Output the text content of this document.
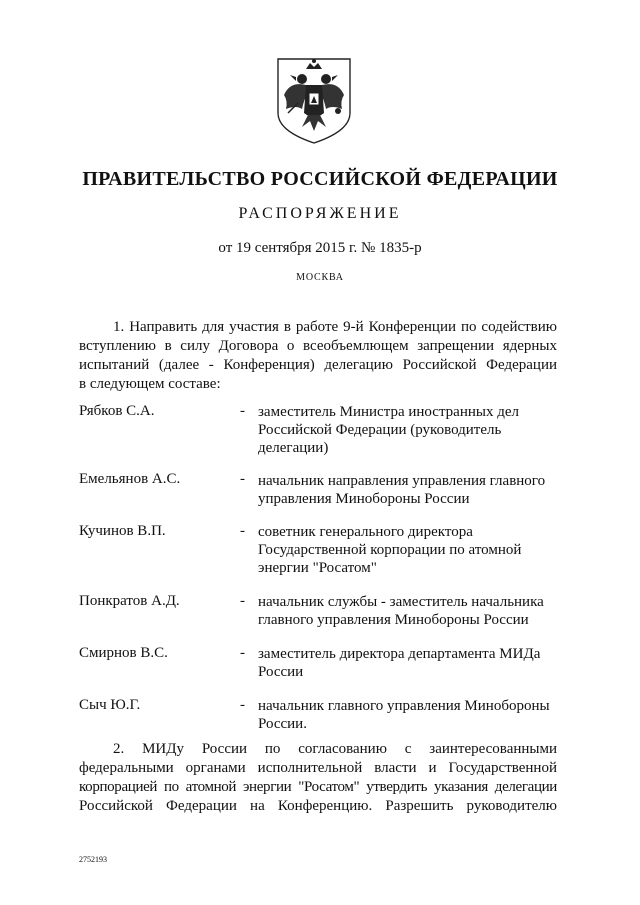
ПРАВИТЕЛЬСТВО РОССИЙСКОЙ ФЕДЕРАЦИИ
РАСПОРЯЖЕНИЕ
от 19 сентября 2015 г. № 1835-р
МОСКВА
1. Направить для участия в работе 9-й Конференции по содействию
вступлению в силу Договора о всеобъемлющем запрещении ядерных
испытаний (далее - Конференция) делегацию Российской Федерации
в следующем составе:
Рябков С.А.	- заместитель Министра иностранных дел
Российской Федерации (руководитель
делегации)
Емельянов А.С.	- начальник направления управления главного
управления Минобороны России
Кучинов В.П.	- советник генерального директора
Государственной корпорации по атомной
энергии "Росатом"
Понкратов А.Д.	- начальник службы - заместитель начальника
главного управления Минобороны России
Смирнов В.С.	- заместитель директора департамента МИДа
России
Сыч Ю.Г.	- начальник главного управления Минобороны
России.
2. МИДу России по согласованию с заинтересованными
федеральными органами исполнительной власти и Государственной
корпорацией по атомной энергии "Росатом" утвердить указания делегации
Российской Федерации на Конференцию. Разрешить руководителю
2752193
